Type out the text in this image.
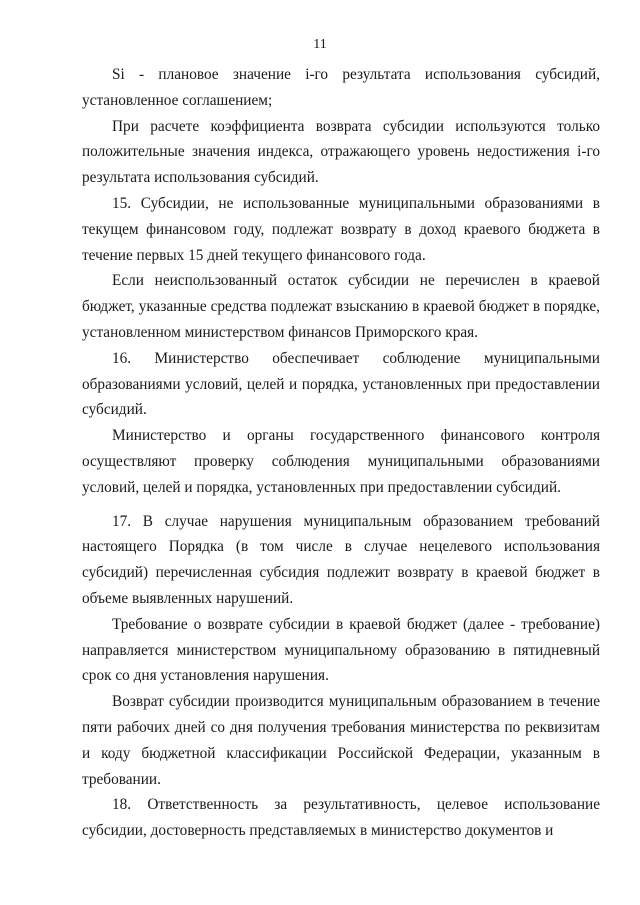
11

Si - плановое значение i-го результата использования субсидий, установленное соглашением;

При расчете коэффициента возврата субсидии используются только положительные значения индекса, отражающего уровень недостижения i-го результата использования субсидий.

15. Субсидии, не использованные муниципальными образованиями в текущем финансовом году, подлежат возврату в доход краевого бюджета в течение первых 15 дней текущего финансового года.

Если неиспользованный остаток субсидии не перечислен в краевой бюджет, указанные средства подлежат взысканию в краевой бюджет в порядке, установленном министерством финансов Приморского края.

16. Министерство обеспечивает соблюдение муниципальными образованиями условий, целей и порядка, установленных при предоставлении субсидий.

Министерство и органы государственного финансового контроля осуществляют проверку соблюдения муниципальными образованиями условий, целей и порядка, установленных при предоставлении субсидий.

17. В случае нарушения муниципальным образованием требований настоящего Порядка (в том числе в случае нецелевого использования субсидий) перечисленная субсидия подлежит возврату в краевой бюджет в объеме выявленных нарушений.

Требование о возврате субсидии в краевой бюджет (далее - требование) направляется министерством муниципальному образованию в пятидневный срок со дня установления нарушения.

Возврат субсидии производится муниципальным образованием в течение пяти рабочих дней со дня получения требования министерства по реквизитам и коду бюджетной классификации Российской Федерации, указанным в требовании.

18. Ответственность за результативность, целевое использование субсидии, достоверность представляемых в министерство документов и
